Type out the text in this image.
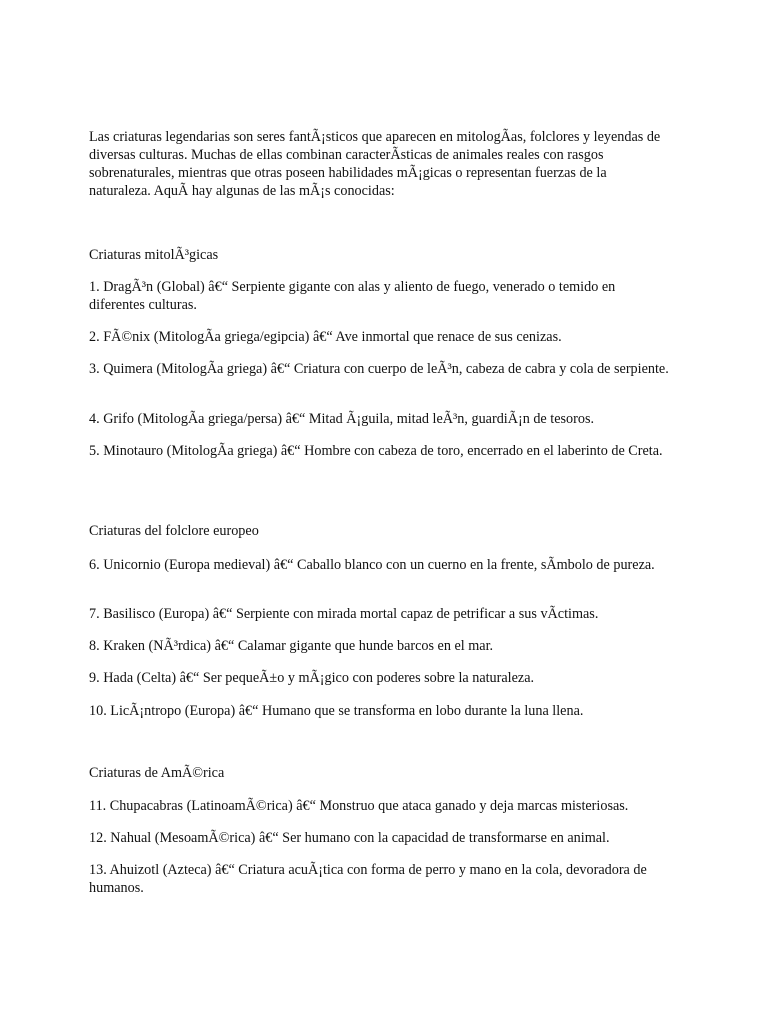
Las criaturas legendarias son seres fantÃ¡sticos que aparecen en mitologÃas, folclores y leyendas de diversas culturas. Muchas de ellas combinan caracterÃsticas de animales reales con rasgos sobrenaturales, mientras que otras poseen habilidades mÃ¡gicas o representan fuerzas de la naturaleza. AquÃ hay algunas de las mÃ¡s conocidas:

Criaturas mitolÃ³gicas

1. DragÃ³n (Global) â€“ Serpiente gigante con alas y aliento de fuego, venerado o temido en diferentes culturas.

2. FÃ©nix (MitologÃa griega/egipcia) â€“ Ave inmortal que renace de sus cenizas.

3. Quimera (MitologÃa griega) â€“ Criatura con cuerpo de leÃ³n, cabeza de cabra y cola de serpiente.

4. Grifo (MitologÃa griega/persa) â€“ Mitad Ã¡guila, mitad leÃ³n, guardiÃ¡n de tesoros.

5. Minotauro (MitologÃa griega) â€“ Hombre con cabeza de toro, encerrado en el laberinto de Creta.

Criaturas del folclore europeo

6. Unicornio (Europa medieval) â€“ Caballo blanco con un cuerno en la frente, sÃmbolo de pureza.

7. Basilisco (Europa) â€“ Serpiente con mirada mortal capaz de petrificar a sus vÃctimas.

8. Kraken (NÃ³rdica) â€“ Calamar gigante que hunde barcos en el mar.

9. Hada (Celta) â€“ Ser pequeÃ±o y mÃ¡gico con poderes sobre la naturaleza.

10. LicÃ¡ntropo (Europa) â€“ Humano que se transforma en lobo durante la luna llena.

Criaturas de AmÃ©rica

11. Chupacabras (LatinoamÃ©rica) â€“ Monstruo que ataca ganado y deja marcas misteriosas.

12. Nahual (MesoamÃ©rica) â€“ Ser humano con la capacidad de transformarse en animal.

13. Ahuizotl (Azteca) â€“ Criatura acuÃ¡tica con forma de perro y mano en la cola, devoradora de humanos.
